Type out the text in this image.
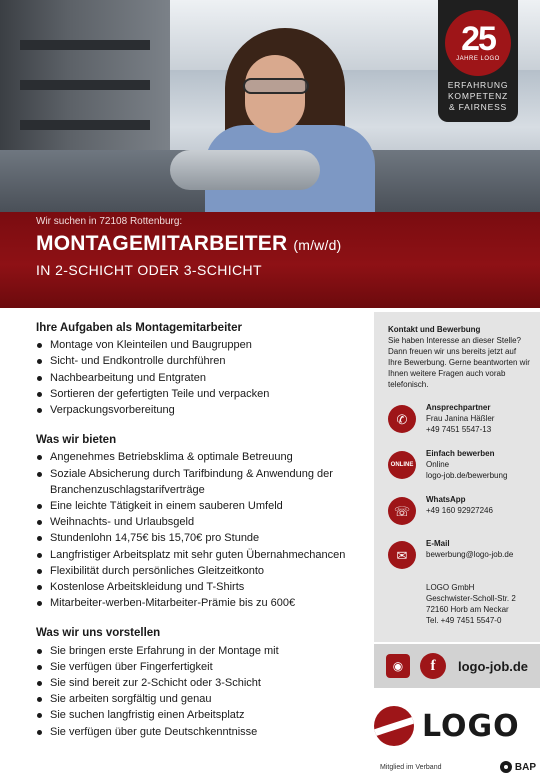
25
JAHRE LOGO
ERFAHRUNG
KOMPETENZ
& FAIRNESS
Wir suchen in 72108 Rottenburg:
MONTAGEMITARBEITER (m/w/d)
IN 2-SCHICHT ODER 3-SCHICHT
Ihre Aufgaben als Montagemitarbeiter
Montage von Kleinteilen und Baugruppen
Sicht- und Endkontrolle durchführen
Nachbearbeitung und Entgraten
Sortieren der gefertigten Teile und verpacken
Verpackungsvorbereitung
Was wir bieten
Angenehmes Betriebsklima & optimale Betreuung
Soziale Absicherung durch Tarifbindung & Anwendung der Branchenzuschlagstarifverträge
Eine leichte Tätigkeit in einem sauberen Umfeld
Weihnachts- und Urlaubsgeld
Stundenlohn 14,75€ bis 15,70€ pro Stunde
Langfristiger Arbeitsplatz mit sehr guten Übernahmechancen
Flexibilität durch persönliches Gleitzeitkonto
Kostenlose Arbeitskleidung und T-Shirts
Mitarbeiter-werben-Mitarbeiter-Prämie bis zu 600€
Was wir uns vorstellen
Sie bringen erste Erfahrung in der Montage mit
Sie verfügen über Fingerfertigkeit
Sie sind bereit zur 2-Schicht oder 3-Schicht
Sie arbeiten sorgfältig und genau
Sie suchen langfristig einen Arbeitsplatz
Sie verfügen über gute Deutschkenntnisse
Kontakt und Bewerbung
Sie haben Interesse an dieser Stelle? Dann freuen wir uns bereits jetzt auf Ihre Bewerbung. Gerne beantworten wir Ihnen weitere Fragen auch vorab telefonisch.
✆
Ansprechpartner
Frau Janina Häßler
+49 7451 5547-13
ONLINE
Einfach bewerben
Online
logo-job.de/bewerbung
☏
WhatsApp
+49 160 92927246
✉
E-Mail
bewerbung@logo-job.de
LOGO GmbH
Geschwister-Scholl-Str. 2
72160 Horb am Neckar
Tel. +49 7451 5547-0
◉	f logo-job.de
LOGO
Mitglied im Verband	BAP
